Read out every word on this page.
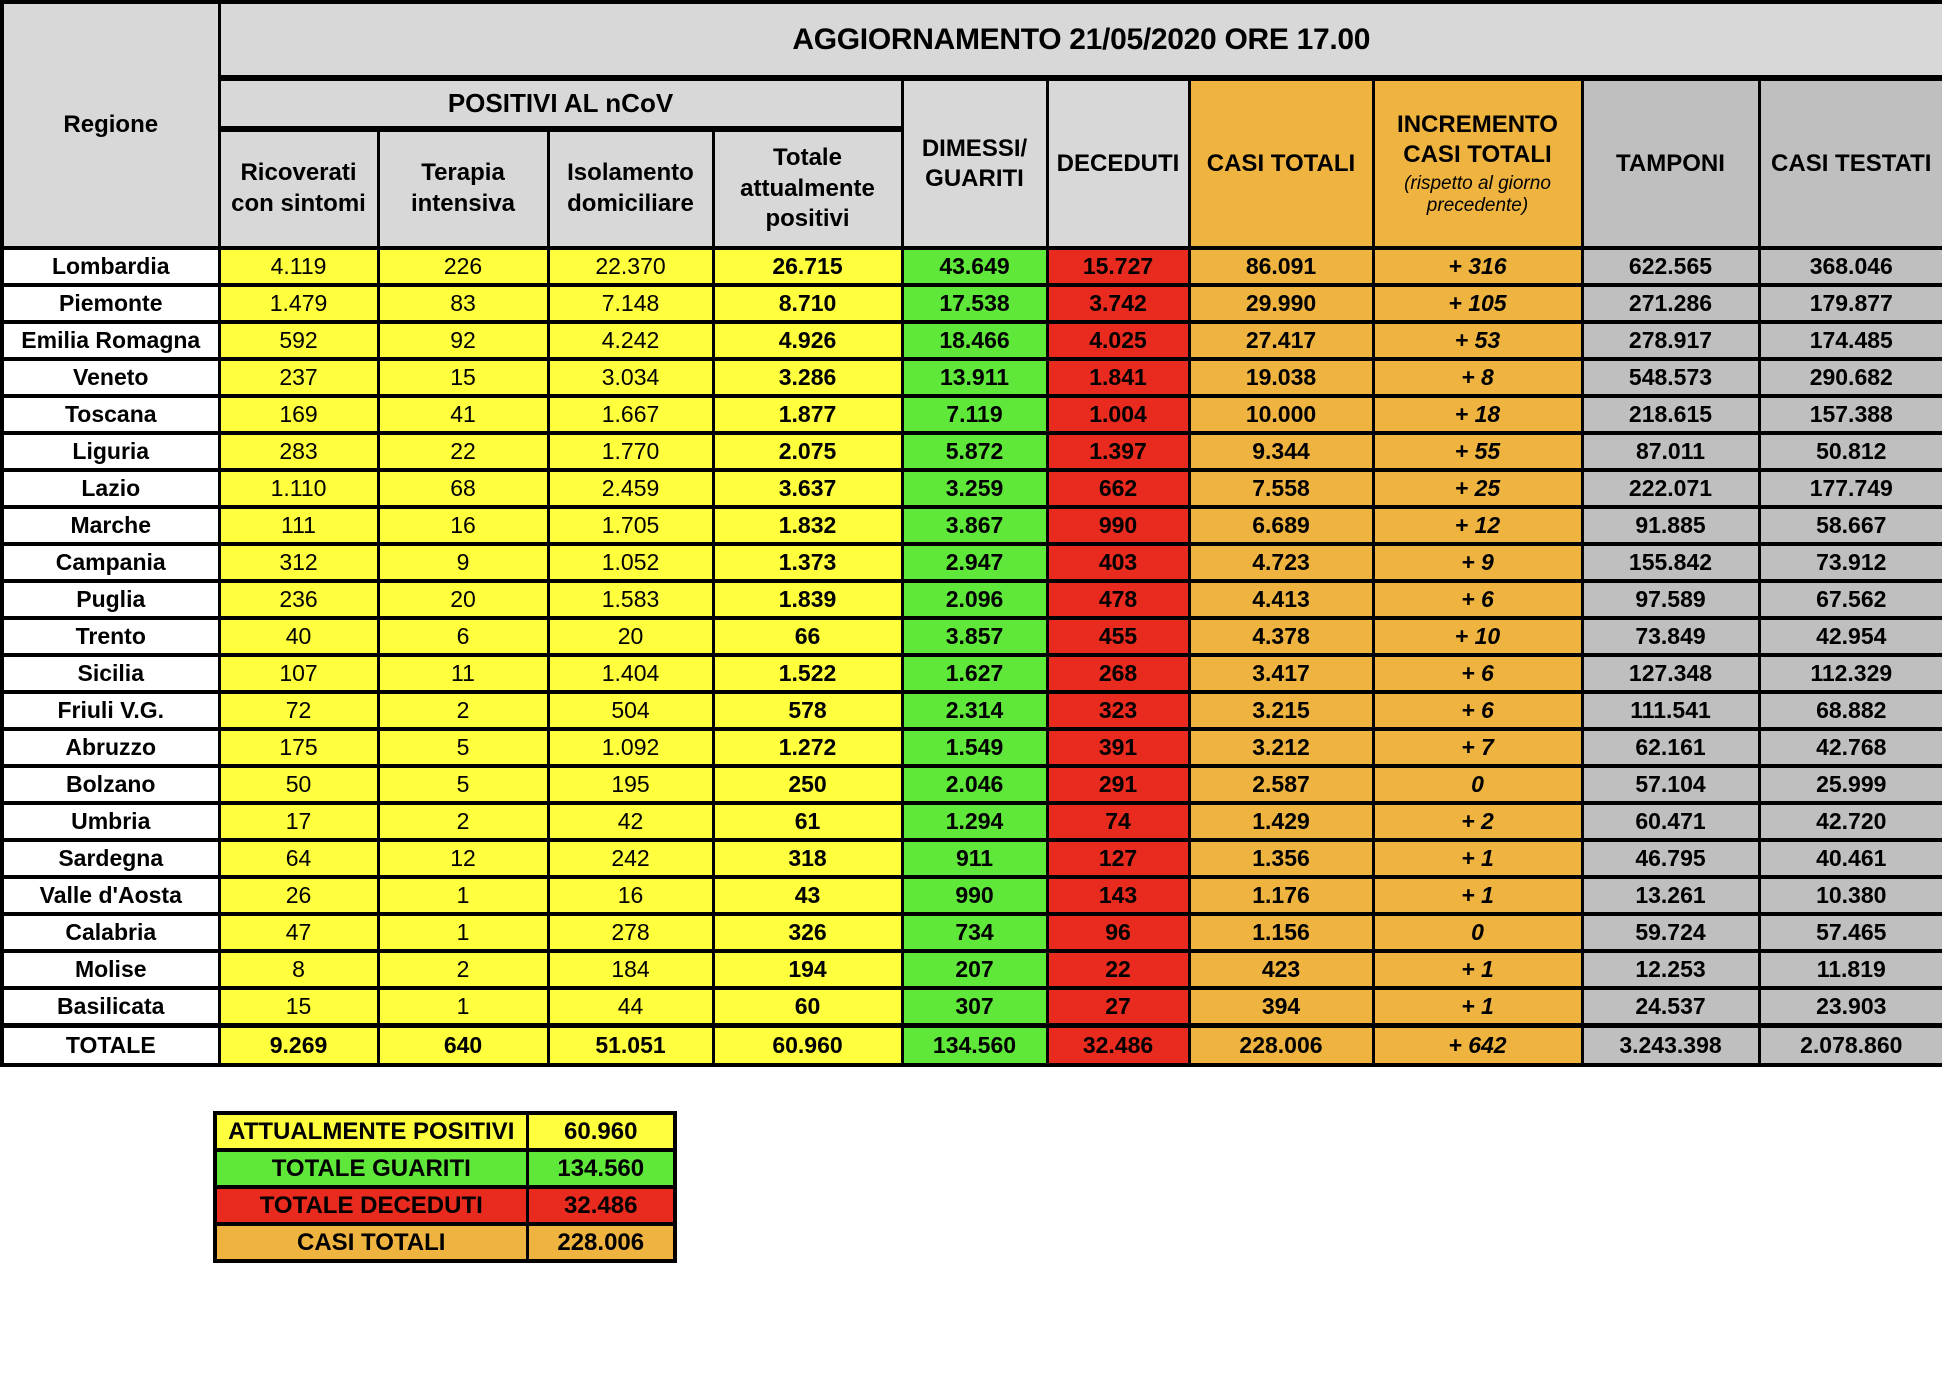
Regione	AGGIORNAMENTO 21/05/2020 ORE 17.00									
	POSITIVI AL nCoV				DIMESSI/ GUARITI	DECEDUTI	CASI TOTALI	INCREMENTO CASI TOTALI
(rispetto al giorno precedente)	TAMPONI	CASI TESTATI
	Ricoverati con sintomi	Terapia intensiva	Isolamento domiciliare	Totale attualmente positivi						
Lombardia	4.119	226	22.370	26.715	43.649	15.727	86.091	+ 316	622.565	368.046
Piemonte	1.479	83	7.148	8.710	17.538	3.742	29.990	+ 105	271.286	179.877
Emilia Romagna	592	92	4.242	4.926	18.466	4.025	27.417	+ 53	278.917	174.485
Veneto	237	15	3.034	3.286	13.911	1.841	19.038	+ 8	548.573	290.682
Toscana	169	41	1.667	1.877	7.119	1.004	10.000	+ 18	218.615	157.388
Liguria	283	22	1.770	2.075	5.872	1.397	9.344	+ 55	87.011	50.812
Lazio	1.110	68	2.459	3.637	3.259	662	7.558	+ 25	222.071	177.749
Marche	111	16	1.705	1.832	3.867	990	6.689	+ 12	91.885	58.667
Campania	312	9	1.052	1.373	2.947	403	4.723	+ 9	155.842	73.912
Puglia	236	20	1.583	1.839	2.096	478	4.413	+ 6	97.589	67.562
Trento	40	6	20	66	3.857	455	4.378	+ 10	73.849	42.954
Sicilia	107	11	1.404	1.522	1.627	268	3.417	+ 6	127.348	112.329
Friuli V.G.	72	2	504	578	2.314	323	3.215	+ 6	111.541	68.882
Abruzzo	175	5	1.092	1.272	1.549	391	3.212	+ 7	62.161	42.768
Bolzano	50	5	195	250	2.046	291	2.587	0	57.104	25.999
Umbria	17	2	42	61	1.294	74	1.429	+ 2	60.471	42.720
Sardegna	64	12	242	318	911	127	1.356	+ 1	46.795	40.461
Valle d'Aosta	26	1	16	43	990	143	1.176	+ 1	13.261	10.380
Calabria	47	1	278	326	734	96	1.156	0	59.724	57.465
Molise	8	2	184	194	207	22	423	+ 1	12.253	11.819
Basilicata	15	1	44	60	307	27	394	+ 1	24.537	23.903
TOTALE	9.269	640	51.051	60.960	134.560	32.486	228.006	+ 642	3.243.398	2.078.860
ATTUALMENTE POSITIVI	60.960
TOTALE GUARITI	134.560
TOTALE DECEDUTI	32.486
CASI TOTALI	228.006
